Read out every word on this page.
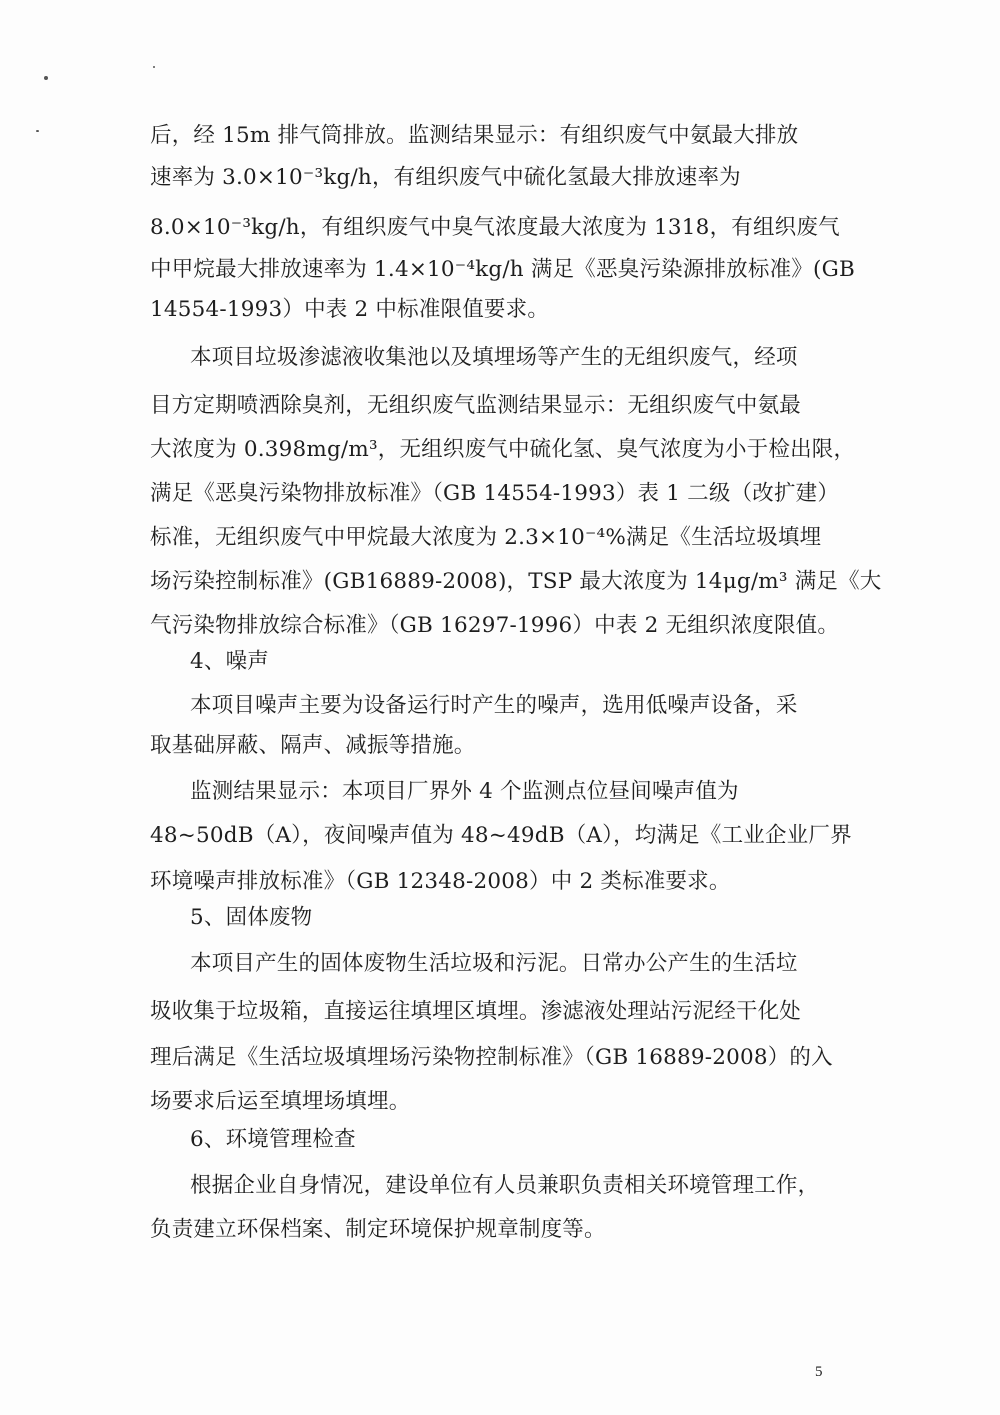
后，经 15m 排气筒排放。监测结果显示：有组织废气中氨最大排放
速率为 3.0×10⁻³kg/h，有组织废气中硫化氢最大排放速率为
8.0×10⁻³kg/h，有组织废气中臭气浓度最大浓度为 1318，有组织废气
中甲烷最大排放速率为 1.4×10⁻⁴kg/h 满足《恶臭污染源排放标准》(GB
14554-1993）中表 2 中标准限值要求。
本项目垃圾渗滤液收集池以及填埋场等产生的无组织废气，经项
目方定期喷洒除臭剂，无组织废气监测结果显示：无组织废气中氨最
大浓度为 0.398mg/m³，无组织废气中硫化氢、臭气浓度为小于检出限，
满足《恶臭污染物排放标准》（GB 14554-1993）表 1 二级（改扩建）
标准，无组织废气中甲烷最大浓度为 2.3×10⁻⁴%满足《生活垃圾填埋
场污染控制标准》(GB16889-2008)，TSP 最大浓度为 14μg/m³ 满足《大
气污染物排放综合标准》（GB 16297-1996）中表 2 无组织浓度限值。
4、噪声
本项目噪声主要为设备运行时产生的噪声，选用低噪声设备，采
取基础屏蔽、隔声、减振等措施。
监测结果显示：本项目厂界外 4 个监测点位昼间噪声值为
48~50dB（A），夜间噪声值为 48~49dB（A），均满足《工业企业厂界
环境噪声排放标准》（GB 12348-2008）中 2 类标准要求。
5、固体废物
本项目产生的固体废物生活垃圾和污泥。日常办公产生的生活垃
圾收集于垃圾箱，直接运往填埋区填埋。渗滤液处理站污泥经干化处
理后满足《生活垃圾填埋场污染物控制标准》（GB 16889-2008）的入
场要求后运至填埋场填埋。
6、环境管理检查
根据企业自身情况，建设单位有人员兼职负责相关环境管理工作，
负责建立环保档案、制定环境保护规章制度等。
5
